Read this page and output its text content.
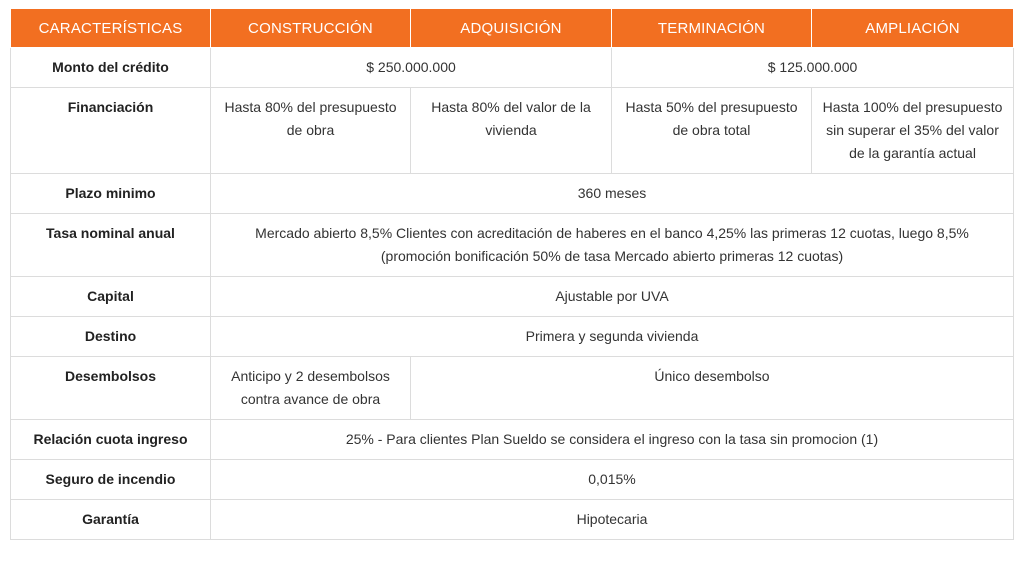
CARACTERÍSTICAS	CONSTRUCCIÓN	ADQUISICIÓN	TERMINACIÓN	AMPLIACIÓN
Monto del crédito	$ 250.000.000		$ 125.000.000	
Financiación	Hasta 80% del presupuesto de obra	Hasta 80% del valor de la vivienda	Hasta 50% del presupuesto de obra total	Hasta 100% del presupuesto sin superar el 35% del valor de la garantía actual
Plazo minimo	360 meses			
Tasa nominal anual	Mercado abierto 8,5% Clientes con acreditación de haberes en el banco 4,25% las primeras 12 cuotas, luego 8,5% (promoción bonificación 50% de tasa Mercado abierto primeras 12 cuotas)			
Capital	Ajustable por UVA			
Destino	Primera y segunda vivienda			
Desembolsos	Anticipo y 2 desembolsos contra avance de obra	Único desembolso		
Relación cuota ingreso	25% - Para clientes Plan Sueldo se considera el ingreso con la tasa sin promocion (1)			
Seguro de incendio	0,015%			
Garantía	Hipotecaria			
